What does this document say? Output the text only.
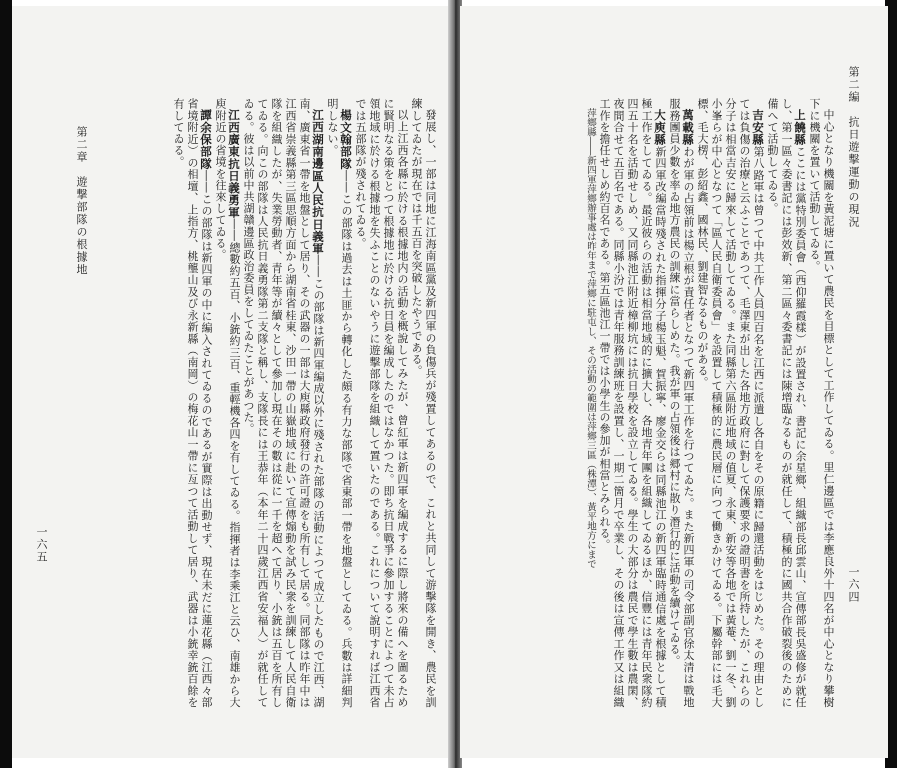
一六五
第二章　遊撃部隊の根據地	發展し、一部は同地に江海南區黨及新四軍の負傷兵が殘置してあるので、これと共同して游擊隊を開き、農民を訓練してゐたが現在では千五百を突破したやうである。

以上江西各縣に於ける根據地内の活動を概說してみたが、曾紅軍は新四軍を編成するに際し將來の備へを圖るために賢明なる策をとつて根據地に於ける抗日員を編成したのではなかつた。即ち抗日戰爭に參加することによつて未占領地域に於ける根據地を失ふことのないやうに遊擊部隊を組織して置いたのである。これについて說明すれば江西省では五部隊が殘されてゐる。

楊文翰部隊――この部隊は過去は土匪から轉化した頗る有力な部隊で省東部一帶を地盤としてゐる。兵數は詳細判明しない。

江西湖南邊區人民抗日義軍――この部隊は新四軍編成以外に殘された部隊の活動によつて成立したもので江西、湖南、廣東省一帶を地盤として居り、その武器の一部は大庾縣政府發行の許可證をも所有して居る。同部隊は昨年中は江西省崇義縣第三區思順方面から湖南省桂東、沙田一帶の山嶽地域に赴いて宣傳煽動を試み民衆を訓練して人民自衛隊を組織したが、失業勞動者、青年等が續々として參加し現在その數は從に一千を超へて居り、小銃は五百を所有してゐる。向この部隊は人民抗日義勇隊第二支隊と稱し、支隊長には王恭年（本年二十四歲江西省安福人）が就任してゐる。彼は以前中共湖贛邊區政治委員をしてゐたことがあつた。

江西廣東抗日義勇軍――總數約五百、小銃約三百、重輕機各四を有してゐる。指揮者は李乘江と云ひ、南雄から大庾附近の省境を往來してゐる。

譚余保部隊――この部隊は新四軍の中に編入されてゐるのであるが實際は出動せず、現在未だに蓮花縣（江西々部省境附近）の相壇、上指方、桃壟山及び永新縣（南岡）の梅花山一帶に亙つて活動して居り、武器は小銃幸銃百餘を有してゐる。

一六四
第二編　抗日遊擊運動の現況

中心となり機關を黃泥塘に置いて農民を目標として工作してゐる。里仁邊區では李應良外十四名が中心となり攀樹下に機關を置いて活動してゐる。

上饒縣ここには黨特別委員會（西仰羅霞樣）が設置され、書記に余星鄉、組織部長邱雲山、宣傳部長吳盛修が就任し、第一區々委書記には彭效新、第二區々委書記には陳增臨なるものが就任して、積極的に國共合作破裂後のために備へて活動してゐる。

吉安縣第八路軍は曾つて中共工作人員四百名を江西に派遣し各自をその原籍に歸還活動をはじめた。その理由としては負傷の治療と云ふことであつて、毛澤東が出した各地方政府に對して保護要求の證明書を所持したが、これらの分子は相當吉安に歸來して活動してゐる。また同縣第六區附近地域の值夏、永東、新安等各地では黃菴、劉一冬、劉小峯らが中心となつて「區人民自衛委員會」を設置して積極的に農民層に向つて働きかけてゐる。下屬幹部には毛大標、毛大楞、彭紹鑫、國林民、劉建智なるものがある。

萬載縣わが軍の占領前は楊立根が責任者となつて新四軍工作を行つてゐた。また新四軍の司令部副官徐太清は戰地服務團員少數を率ゐ地方農民の訓練に當らしめた。我が軍の占領後は郷村に散り潛行的に活動を續けてゐる。

大庾縣新四軍改編當時殘された指揮分子楊玉魁、賀振寧、廖金交らは同縣池江の新四軍臨時通信處を根據として積極工作をしてゐる。最近彼らの活動は相當地域的に擴大し、各地青年團を組織してゐるほか、信豐には青年民衆隊約四五十名を活動せしめ、又同縣池江附近樟柳坑には抗日學校を設立してゐる。學生の大部分は農民で學生數は農閑、夜間合せて五百名である。同縣小汾では青年服務訓練班を設置し、一期二箇月で卒業し、その後は宣傳工作又は組織工作を擔任せしめ約百名である。第五區池江一帶では小學生の參加が相當とみられる。

萍鄉縣――新四軍萍鄉辦事處は昨年まで萍鄉に駐屯し、その活動の範圍は萍鄉三區（株潭）、黃平地方にまで
